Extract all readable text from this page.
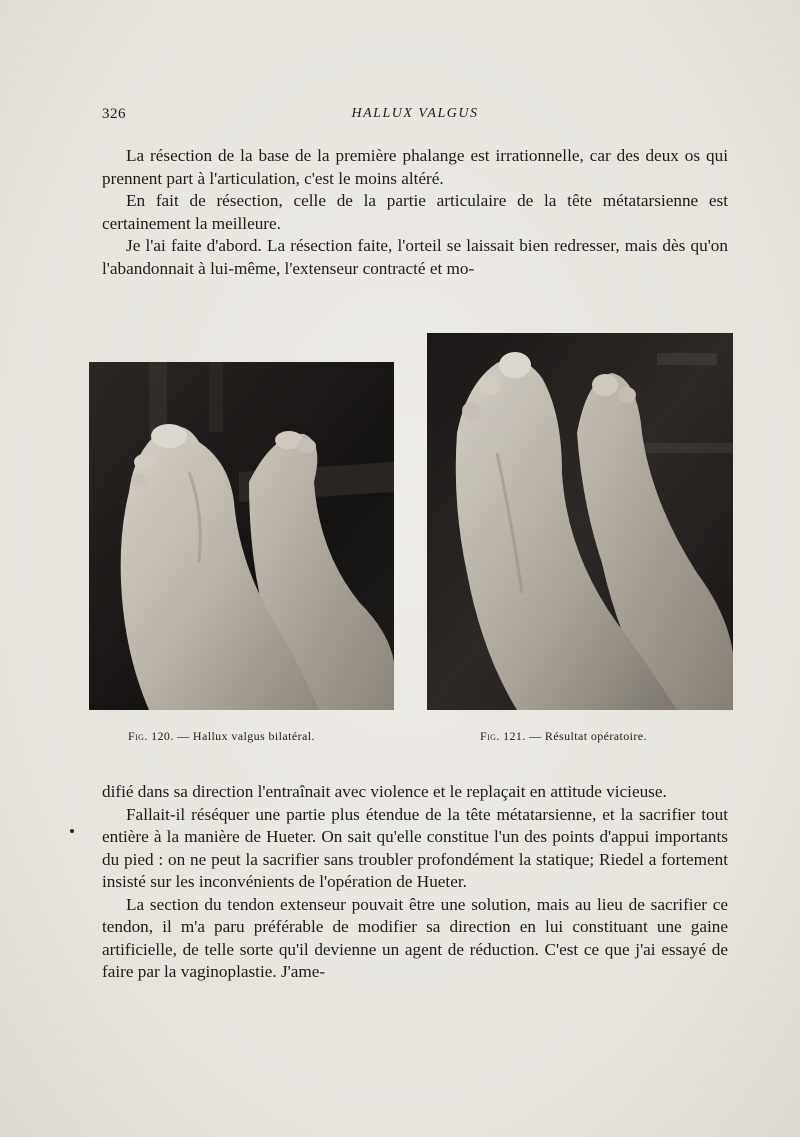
326	HALLUX VALGUS

La résection de la base de la première phalange est irrationnelle, car des deux os qui prennent part à l'articulation, c'est le moins altéré.

En fait de résection, celle de la partie articulaire de la tête métatarsienne est certainement la meilleure.

Je l'ai faite d'abord. La résection faite, l'orteil se laissait bien redresser, mais dès qu'on l'abandonnait à lui-même, l'extenseur contracté et mo-

Fig. 120. — Hallux valgus bilatéral.	Fig. 121. — Résultat opératoire.

difié dans sa direction l'entraînait avec violence et le replaçait en attitude vicieuse.

Fallait-il réséquer une partie plus étendue de la tête métatarsienne, et la sacrifier tout entière à la manière de Hueter. On sait qu'elle constitue l'un des points d'appui importants du pied : on ne peut la sacrifier sans troubler profondément la statique; Riedel a fortement insisté sur les inconvénients de l'opération de Hueter.

La section du tendon extenseur pouvait être une solution, mais au lieu de sacrifier ce tendon, il m'a paru préférable de modifier sa direction en lui constituant une gaine artificielle, de telle sorte qu'il devienne un agent de réduction. C'est ce que j'ai essayé de faire par la vaginoplastie. J'ame-
